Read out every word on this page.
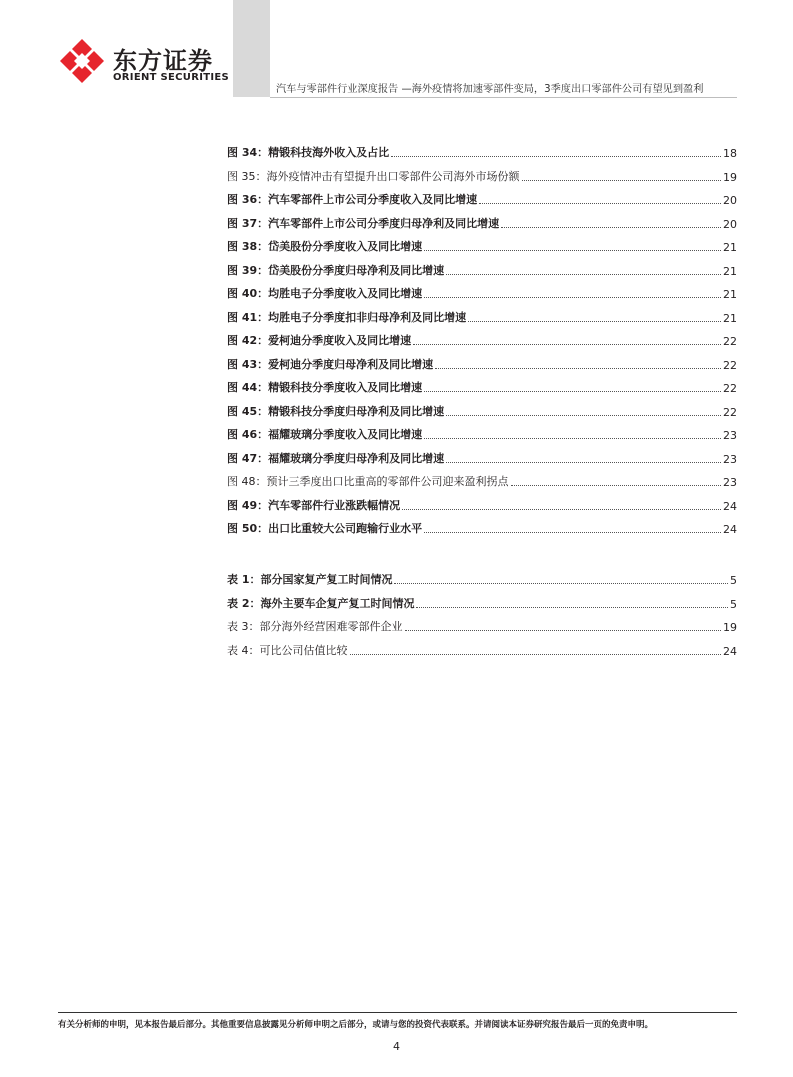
东方证券
ORIENT SECURITIES
汽车与零部件行业深度报告 —海外疫情将加速零部件变局，3季度出口零部件公司有望见到盈利
图 34：精锻科技海外收入及占比	18
图 35：海外疫情冲击有望提升出口零部件公司海外市场份额	19
图 36：汽车零部件上市公司分季度收入及同比增速	20
图 37：汽车零部件上市公司分季度归母净利及同比增速	20
图 38：岱美股份分季度收入及同比增速	21
图 39：岱美股份分季度归母净利及同比增速	21
图 40：均胜电子分季度收入及同比增速	21
图 41：均胜电子分季度扣非归母净利及同比增速	21
图 42：爱柯迪分季度收入及同比增速	22
图 43：爱柯迪分季度归母净利及同比增速	22
图 44：精锻科技分季度收入及同比增速	22
图 45：精锻科技分季度归母净利及同比增速	22
图 46：福耀玻璃分季度收入及同比增速	23
图 47：福耀玻璃分季度归母净利及同比增速	23
图 48：预计三季度出口比重高的零部件公司迎来盈利拐点	23
图 49：汽车零部件行业涨跌幅情况	24
图 50：出口比重较大公司跑输行业水平	24
表 1：部分国家复产复工时间情况	5
表 2：海外主要车企复产复工时间情况	5
表 3：部分海外经营困难零部件企业	19
表 4：可比公司估值比较	24
有关分析师的申明，见本报告最后部分。其他重要信息披露见分析师申明之后部分，或请与您的投资代表联系。并请阅读本证券研究报告最后一页的免责申明。
4
